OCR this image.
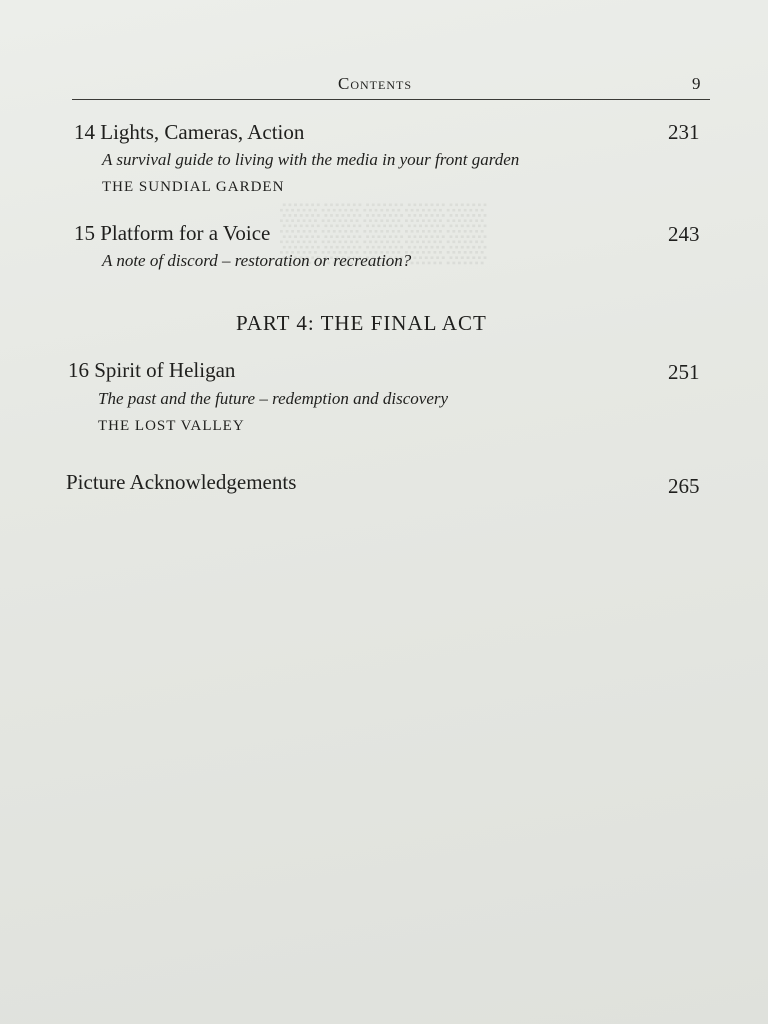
▒▒▒▒▒
Contents	9
14 Lights, Cameras, Action	231
A survival guide to living with the media in your front garden
THE SUNDIAL GARDEN
15 Platform for a Voice	243
A note of discord – restoration or recreation?
PART 4: THE FINAL ACT
16 Spirit of Heligan	251
The past and the future – redemption and discovery
THE LOST VALLEY
Picture Acknowledgements	265
